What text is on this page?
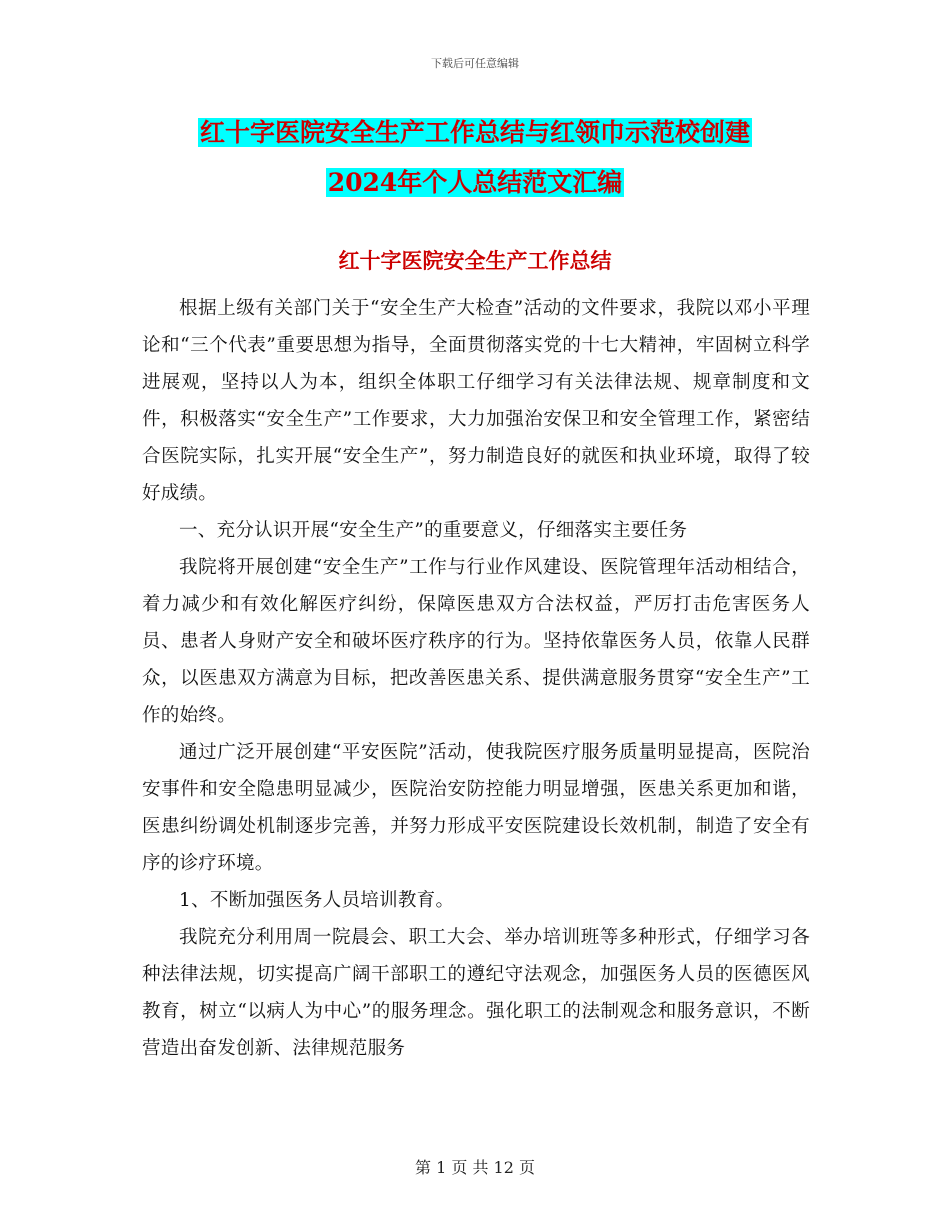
下载后可任意编辑
红十字医院安全生产工作总结与红领巾示范校创建
2024年个人总结范文汇编
红十字医院安全生产工作总结

根据上级有关部门关于“安全生产大检查”活动的文件要求，我院以邓小平理论和“三个代表”重要思想为指导，全面贯彻落实党的十七大精神，牢固树立科学进展观，坚持以人为本，组织全体职工仔细学习有关法律法规、规章制度和文件，积极落实“安全生产”工作要求，大力加强治安保卫和安全管理工作，紧密结合医院实际，扎实开展“安全生产”，努力制造良好的就医和执业环境，取得了较好成绩。

一、充分认识开展“安全生产”的重要意义，仔细落实主要任务

我院将开展创建“安全生产”工作与行业作风建设、医院管理年活动相结合，着力减少和有效化解医疗纠纷，保障医患双方合法权益，严厉打击危害医务人员、患者人身财产安全和破坏医疗秩序的行为。坚持依靠医务人员，依靠人民群众，以医患双方满意为目标，把改善医患关系、提供满意服务贯穿“安全生产”工作的始终。

通过广泛开展创建“平安医院”活动，使我院医疗服务质量明显提高，医院治安事件和安全隐患明显减少，医院治安防控能力明显增强，医患关系更加和谐，医患纠纷调处机制逐步完善，并努力形成平安医院建设长效机制，制造了安全有序的诊疗环境。

1、不断加强医务人员培训教育。

我院充分利用周一院晨会、职工大会、举办培训班等多种形式，仔细学习各种法律法规，切实提高广阔干部职工的遵纪守法观念，加强医务人员的医德医风教育，树立“以病人为中心”的服务理念。强化职工的法制观念和服务意识，不断营造出奋发创新、法律规范服务

第 1 页 共 12 页
